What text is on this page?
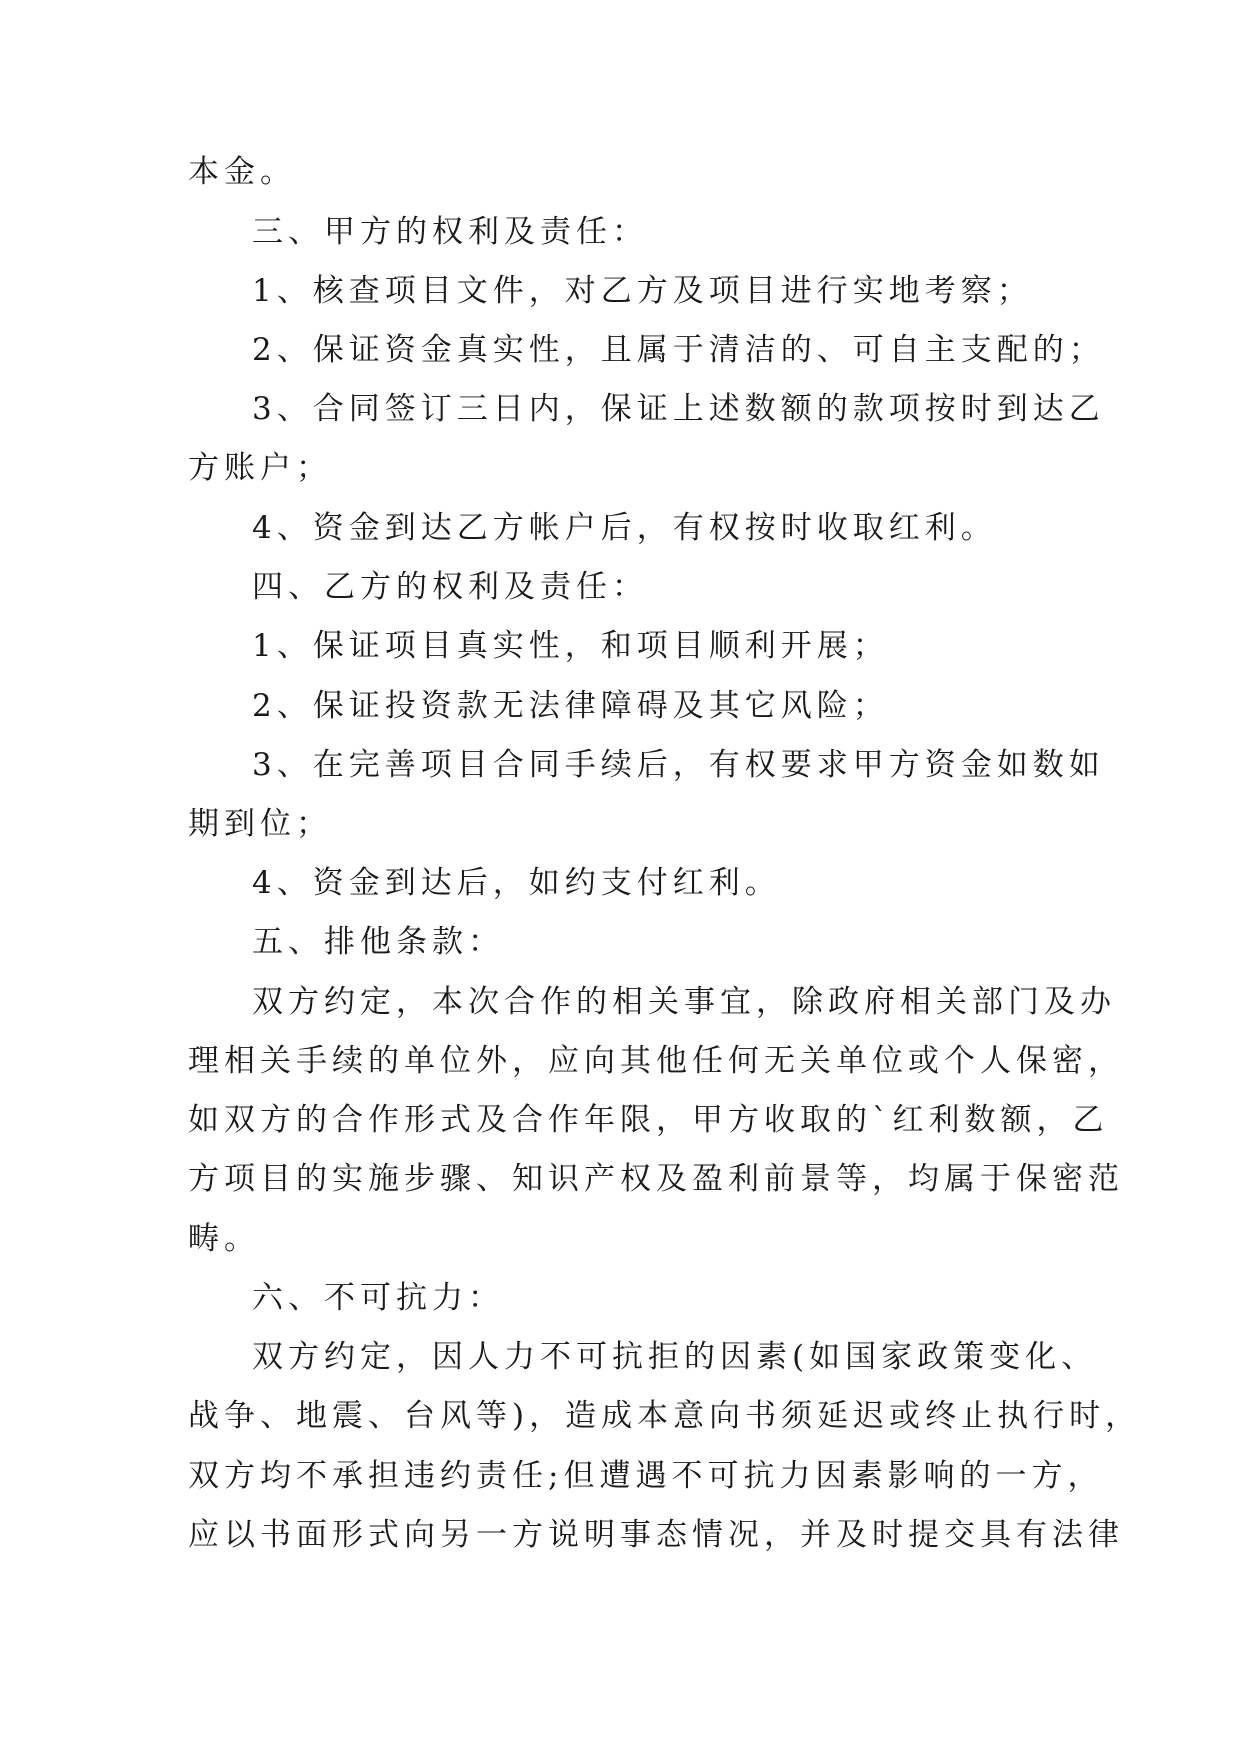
本金。
三、甲方的权利及责任：
1、核查项目文件，对乙方及项目进行实地考察；
2、保证资金真实性，且属于清洁的、可自主支配的；
3、合同签订三日内，保证上述数额的款项按时到达乙
方账户；
4、资金到达乙方帐户后，有权按时收取红利。
四、乙方的权利及责任：
1、保证项目真实性，和项目顺利开展；
2、保证投资款无法律障碍及其它风险；
3、在完善项目合同手续后，有权要求甲方资金如数如
期到位；
4、资金到达后，如约支付红利。
五、排他条款：
双方约定，本次合作的相关事宜，除政府相关部门及办
理相关手续的单位外，应向其他任何无关单位或个人保密，
如双方的合作形式及合作年限，甲方收取的`红利数额，乙
方项目的实施步骤、知识产权及盈利前景等，均属于保密范
畴。
六、不可抗力：
双方约定，因人力不可抗拒的因素(如国家政策变化、
战争、地震、台风等)，造成本意向书须延迟或终止执行时，
双方均不承担违约责任;但遭遇不可抗力因素影响的一方，
应以书面形式向另一方说明事态情况，并及时提交具有法律
